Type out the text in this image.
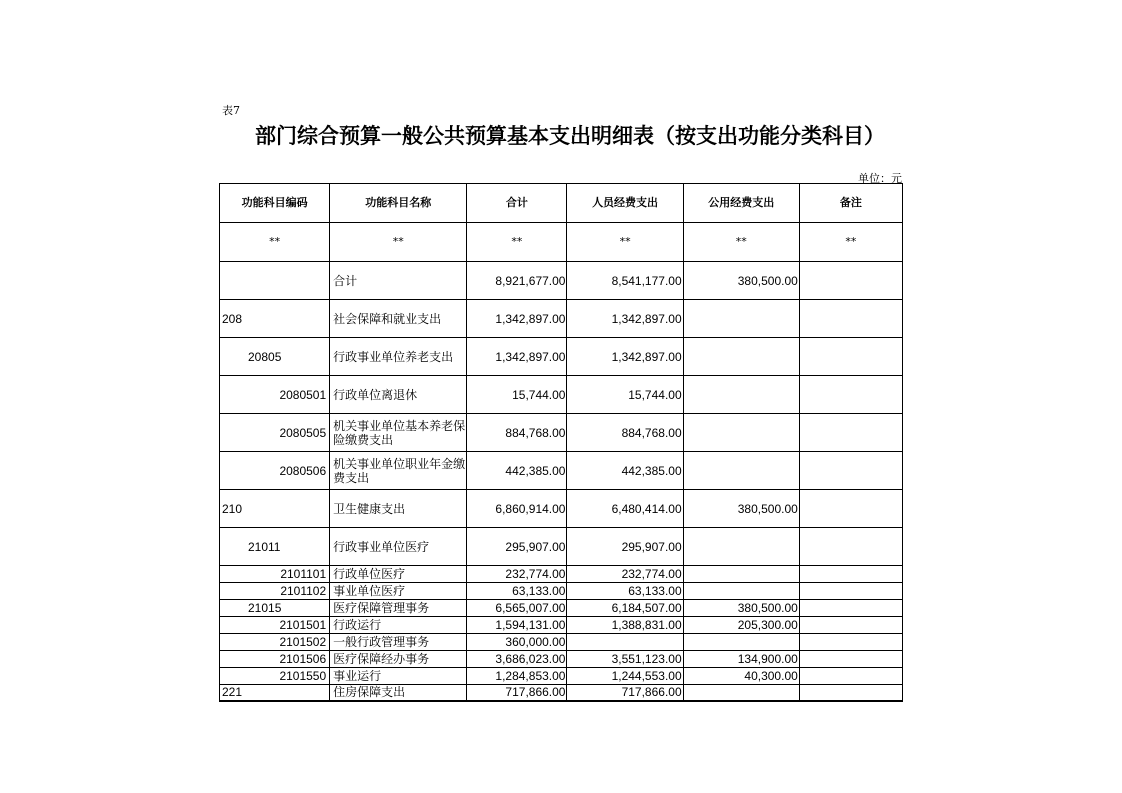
表7
部门综合预算一般公共预算基本支出明细表（按支出功能分类科目）
单位：元
功能科目编码	功能科目名称	合计	人员经费支出	公用经费支出	备注
**	**	**	**	**	**
	合计	8,921,677.00	8,541,177.00	380,500.00	
208	社会保障和就业支出	1,342,897.00	1,342,897.00		
20805	行政事业单位养老支出	1,342,897.00	1,342,897.00		
2080501	行政单位离退休	15,744.00	15,744.00		
2080505	机关事业单位基本养老保险缴费支出	884,768.00	884,768.00		
2080506	机关事业单位职业年金缴费支出	442,385.00	442,385.00		
210	卫生健康支出	6,860,914.00	6,480,414.00	380,500.00	
21011	行政事业单位医疗	295,907.00	295,907.00		
2101101	行政单位医疗	232,774.00	232,774.00		
2101102	事业单位医疗	63,133.00	63,133.00		
21015	医疗保障管理事务	6,565,007.00	6,184,507.00	380,500.00	
2101501	行政运行	1,594,131.00	1,388,831.00	205,300.00	
2101502	一般行政管理事务	360,000.00			
2101506	医疗保障经办事务	3,686,023.00	3,551,123.00	134,900.00	
2101550	事业运行	1,284,853.00	1,244,553.00	40,300.00	
221	住房保障支出	717,866.00	717,866.00		
